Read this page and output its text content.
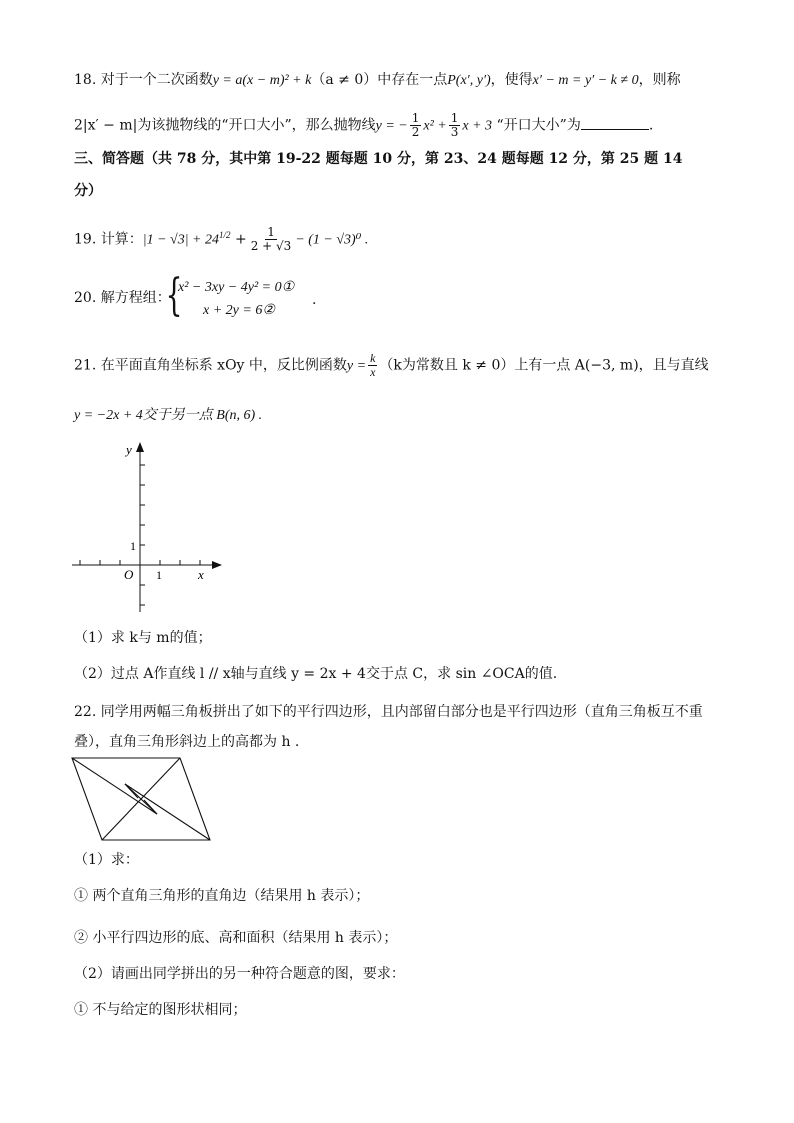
18. 对于一个二次函数y = a(x − m)² + k（a ≠ 0）中存在一点P(x′, y′)，使得x′ − m = y′ − k ≠ 0，则称
2|x′ − m|为该抛物线的“开口大小”，那么抛物线y = − $\frac{1}{2} x^2 + \frac{1}{3}$ x + 3 “开口大小”为	.
三、简答题（共 78 分，其中第 19-22 题每题 10 分，第 23、24 题每题 12 分，第 25 题 14
分）
19. 计算：$|1 - √3| + 24^{1/2} + \frac{1}{2 + √3} - (1 - √3)^0$ .
20. 解方程组：
{
x² − 3xy − 4y² = 0①
x + 2y = 6②
.
21. 在平面直角坐标系 xOy 中，反比例函数$y = \frac{k}{x} (k$为常数且 k ≠ 0）上有一点 A(−3, m)，且与直线
y = −2x + 4交于另一点 B(n, 6) .
y
x
O 1
1
（1）求 k与 m的值；
（2）过点 A作直线 l // x轴与直线 y = 2x + 4交于点 C，求 sin ∠OCA的值.
22. 同学用两幅三角板拼出了如下的平行四边形，且内部留白部分也是平行四边形（直角三角板互不重
叠），直角三角形斜边上的高都为 h .
（1）求：
① 两个直角三角形的直角边（结果用 h 表示）；
② 小平行四边形的底、高和面积（结果用 h 表示）；
（2）请画出同学拼出的另一种符合题意的图，要求：
① 不与给定的图形状相同；
